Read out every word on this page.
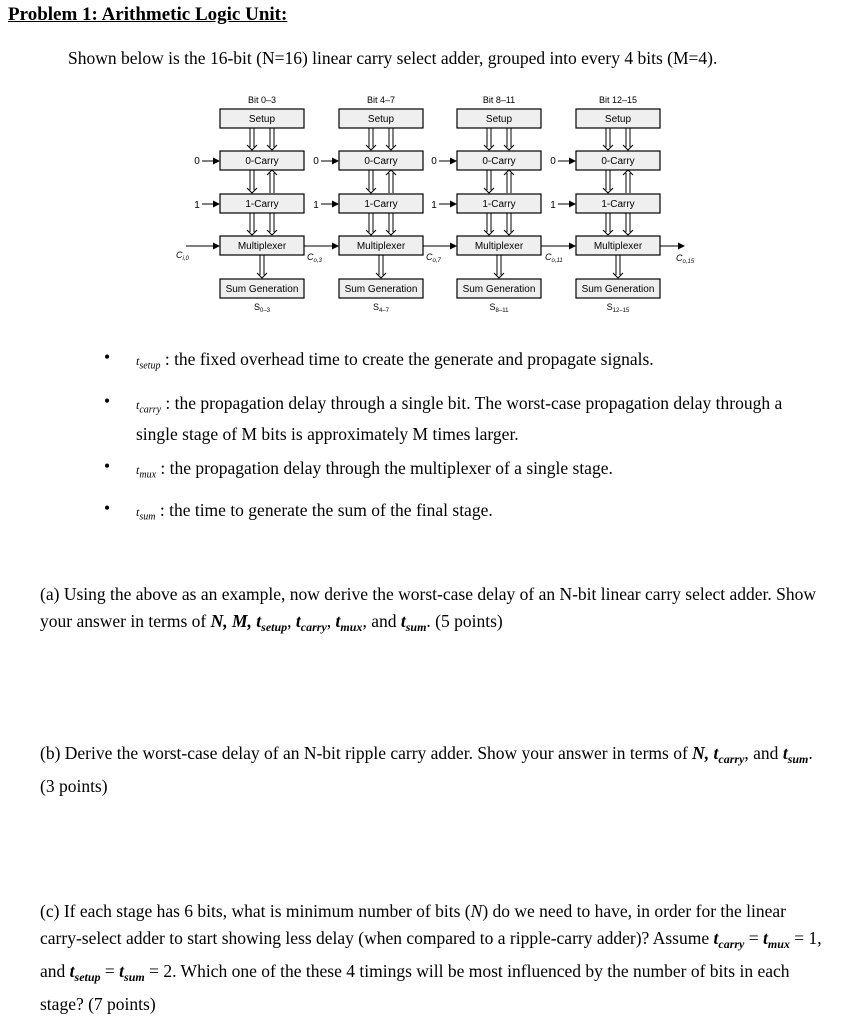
Problem 1: Arithmetic Logic Unit:
Shown below is the 16-bit (N=16) linear carry select adder, grouped into every 4 bits (M=4).
Bit 0–3
Setup
0-Carry
0
1-Carry
1
Multiplexer
Sum Generation
$S_{0-3}$
Bit 4–7
Setup
0-Carry
0
1-Carry
1
Multiplexer
Sum Generation
$S_{4-7}$
Bit 8–11
Setup
0-Carry
0
1-Carry
1
Multiplexer
Sum Generation
$S_{8-11}$
Bit 12–15
Setup
0-Carry
0
1-Carry
1
Multiplexer
Sum Generation
$S_{12-15}$
$C_{i,0}$	$C_{o,3}$	$C_{o,7}$	$C_{o,11}$	$C_{o,15}$
• $t_{setup}$ : the fixed overhead time to create the generate and propagate signals.
• $t_{carry}$ : the propagation delay through a single bit. The worst-case propagation delay through a single stage of M bits is approximately M times larger.
• $t_{mux}$ : the propagation delay through the multiplexer of a single stage.
• $t_{sum}$ : the time to generate the sum of the final stage.
(a) Using the above as an example, now derive the worst-case delay of an N-bit linear carry select adder. Show your answer in terms of N, M, $t_{setup}$, $t_{carry}$, $t_{mux}$, and $t_{sum}$. (5 points)
(b) Derive the worst-case delay of an N-bit ripple carry adder. Show your answer in terms of N, $t_{carry}$, and $t_{sum}$. (3 points)
(c) If each stage has 6 bits, what is minimum number of bits (N) do we need to have, in order for the linear carry-select adder to start showing less delay (when compared to a ripple-carry adder)? Assume $t_{carry} = t_{mux} = 1$, and $t_{setup} = t_{sum} = 2$. Which one of the these 4 timings will be most influenced by the number of bits in each stage? (7 points)
